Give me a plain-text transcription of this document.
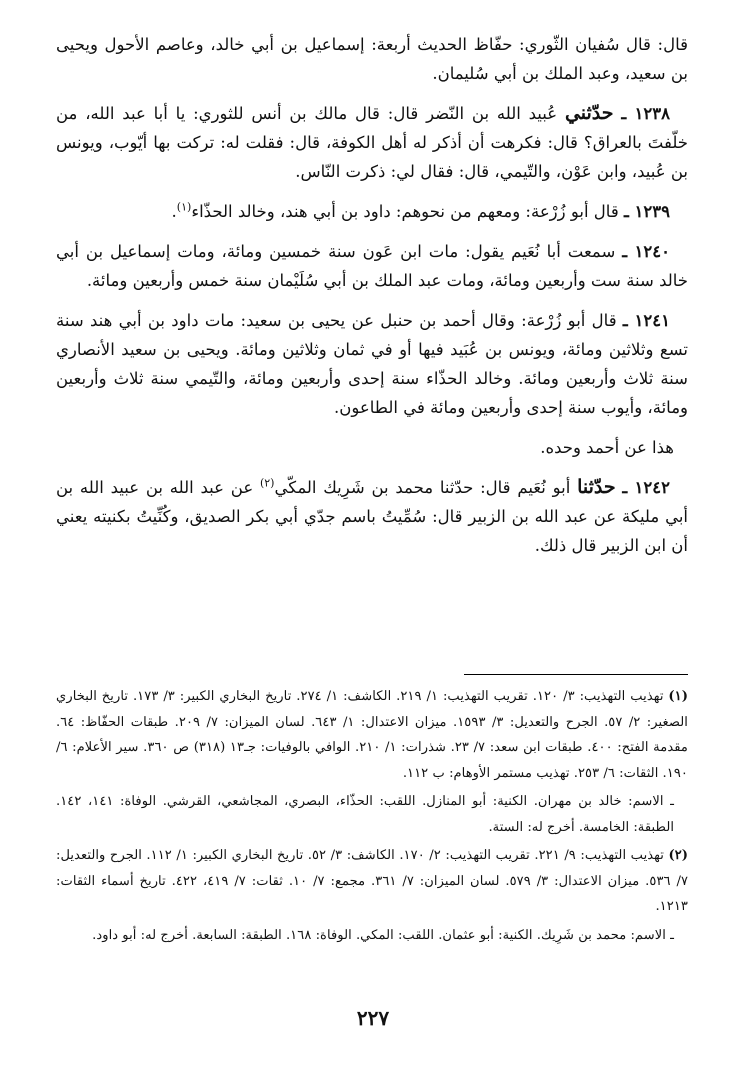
قال: قال سُفيان الثّوري: حفّاظ الحديث أربعة: إسماعيل بن أبي خالد، وعاصم الأحول ويحيى بن سعيد، وعبد الملك بن أبي سُليمان.

١٢٣٨ ـ حدّثني عُبيد الله بن النّضر قال: قال مالك بن أنس للثوري: يا أبا عبد الله، من خلّفتَ بالعراق؟ قال: فكرهت أن أذكر له أهل الكوفة، قال: فقلت له: تركت بها أيّوب، ويونس بن عُبيد، وابن عَوْن، والتّيمي، قال: فقال لي: ذكرت النّاس.

١٢٣٩ ـ قال أبو زُرْعة: ومعهم من نحوهم: داود بن أبي هند، وخالد الحذّاء$^{(١)}$.

١٢٤٠ ـ سمعت أبا نُعَيم يقول: مات ابن عَون سنة خمسين ومائة، ومات إسماعيل بن أبي خالد سنة ست وأربعين ومائة، ومات عبد الملك بن أبي سُلَيْمان سنة خمس وأربعين ومائة.

١٢٤١ ـ قال أبو زُرْعة: وقال أحمد بن حنبل عن يحيى بن سعيد: مات داود بن أبي هند سنة تسع وثلاثين ومائة، ويونس بن عُبَيد فيها أو في ثمان وثلاثين ومائة. ويحيى بن سعيد الأنصاري سنة ثلاث وأربعين ومائة. وخالد الحذّاء سنة إحدى وأربعين ومائة، والتّيمي سنة ثلاث وأربعين ومائة، وأيوب سنة إحدى وأربعين ومائة في الطاعون.

هذا عن أحمد وحده.

١٢٤٢ ـ حدّثنا أبو نُعَيم قال: حدّثنا محمد بن شَرِيك المكّي$^{(٢)}$ عن عبد الله بن عبيد الله بن أبي مليكة عن عبد الله بن الزبير قال: سُمِّيتُ باسم جدّي أبي بكر الصديق، وكُنِّيتُ بكنيته يعني أن ابن الزبير قال ذلك.

(١) تهذيب التهذيب: ٣/ ١٢٠. تقريب التهذيب: ١/ ٢١٩. الكاشف: ١/ ٢٧٤. تاريخ البخاري الكبير: ٣/ ١٧٣. تاريخ البخاري الصغير: ٢/ ٥٧. الجرح والتعديل: ٣/ ١٥٩٣. ميزان الاعتدال: ١/ ٦٤٣. لسان الميزان: ٧/ ٢٠٩. طبقات الحفّاظ: ٦٤. مقدمة الفتح: ٤٠٠. طبقات ابن سعد: ٧/ ٢٣. شذرات: ١/ ٢١٠. الوافي بالوفيات: جـ١٣ (٣١٨) ص ٣٦٠. سير الأعلام: ٦/ ١٩٠. الثقات: ٦/ ٢٥٣. تهذيب مستمر الأوهام: ب ١١٢.

ـ الاسم: خالد بن مهران. الكنية: أبو المنازل. اللقب: الحذّاء، البصري، المجاشعي، القرشي. الوفاة: ١٤١، ١٤٢. الطبقة: الخامسة. أخرج له: الستة.

(٢) تهذيب التهذيب: ٩/ ٢٢١. تقريب التهذيب: ٢/ ١٧٠. الكاشف: ٣/ ٥٢. تاريخ البخاري الكبير: ١/ ١١٢. الجرح والتعديل: ٧/ ٥٣٦. ميزان الاعتدال: ٣/ ٥٧٩. لسان الميزان: ٧/ ٣٦١. مجمع: ٧/ ١٠. ثقات: ٧/ ٤١٩، ٤٢٢. تاريخ أسماء الثقات: ١٢١٣.

ـ الاسم: محمد بن شَرِيك. الكنية: أبو عثمان. اللقب: المكي. الوفاة: ١٦٨. الطبقة: السابعة. أخرج له: أبو داود.

٢٢٧
